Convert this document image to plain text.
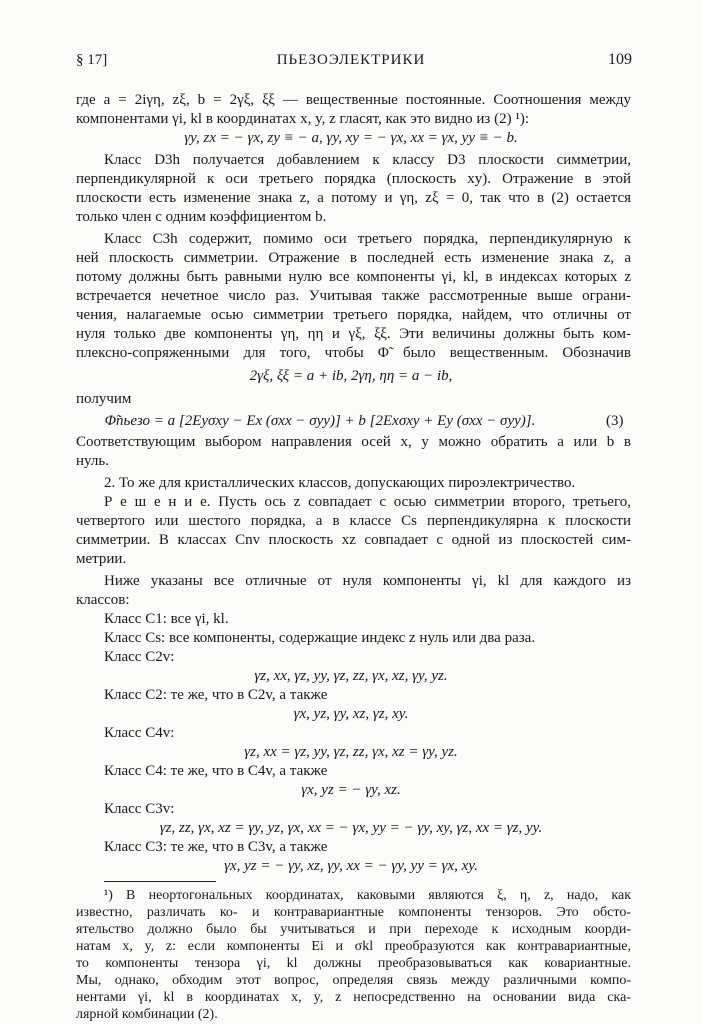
§ 17]	ПЬЕЗОЭЛЕКТРИКИ	109
где a = 2iγη, zξ, b = 2γξ, ξξ — вещественные постоянные. Соотношения между
компонентами γi, kl в координатах x, y, z гласят, как это видно из (2) ¹):
γy, zx = − γx, zy ≡ − a, γy, xy = − γx, xx = γx, yy ≡ − b.
Класс D3h получается добавлением к классу D3 плоскости симметрии,
перпендикулярной к оси третьего порядка (плоскость xy). Отражение в этой
плоскости есть изменение знака z, а потому и γη, zξ = 0, так что в (2) остается
только член с одним коэффициентом b.
Класс C3h содержит, помимо оси третьего порядка, перпендикулярную к
ней плоскость симметрии. Отражение в последней есть изменение знака z, а
потому должны быть равными нулю все компоненты γi, kl, в индексах которых z
встречается нечетное число раз. Учитывая также рассмотренные выше ограни-
чения, налагаемые осью симметрии третьего порядка, найдем, что отличны от
нуля только две компоненты γη, ηη и γξ, ξξ. Эти величины должны быть ком-
плексно-сопряженными для того, чтобы Φ̃ было вещественным. Обозначив
2γξ, ξξ = a + ib, 2γη, ηη = a − ib,
получим
Φ̃пьезо = a [2Eyσxy − Ex (σxx − σyy)] + b [2Exσxy + Ey (σxx − σyy)].	(3)
Соответствующим выбором направления осей x, y можно обратить a или b в
нуль.
2. То же для кристаллических классов, допускающих пироэлектричество.
Р е ш е н и е. Пусть ось z совпадает с осью симметрии второго, третьего,
четвертого или шестого порядка, а в классе Cs перпендикулярна к плоскости
симметрии. В классах Cnv плоскость xz совпадает с одной из плоскостей сим-
метрии.
Ниже указаны все отличные от нуля компоненты γi, kl для каждого из
классов:
Класс C1: все γi, kl.
Класс Cs: все компоненты, содержащие индекс z нуль или два раза.
Класс C2v:
γz, xx, γz, yy, γz, zz, γx, xz, γy, yz.
Класс C2: те же, что в C2v, а также
γx, yz, γy, xz, γz, xy.
Класс C4v:
γz, xx = γz, yy, γz, zz, γx, xz = γy, yz.
Класс C4: те же, что в C4v, а также
γx, yz = − γy, xz.
Класс C3v:
γz, zz, γx, xz = γy, yz, γx, xx = − γx, yy = − γy, xy, γz, xx = γz, yy.
Класс C3: те же, что в C3v, а также
γx, yz = − γy, xz, γy, xx = − γy, yy = γx, xy.
¹) В неортогональных координатах, каковыми являются ξ, η, z, надо, как
известно, различать ко- и контравариантные компоненты тензоров. Это обсто-
ятельство должно было бы учитываться и при переходе к исходным коорди-
натам x, y, z: если компоненты Ei и σkl преобразуются как контравариантные,
то компоненты тензора γi, kl должны преобразовываться как ковариантные.
Мы, однако, обходим этот вопрос, определяя связь между различными компо-
нентами γi, kl в координатах x, y, z непосредственно на основании вида ска-
лярной комбинации (2).
